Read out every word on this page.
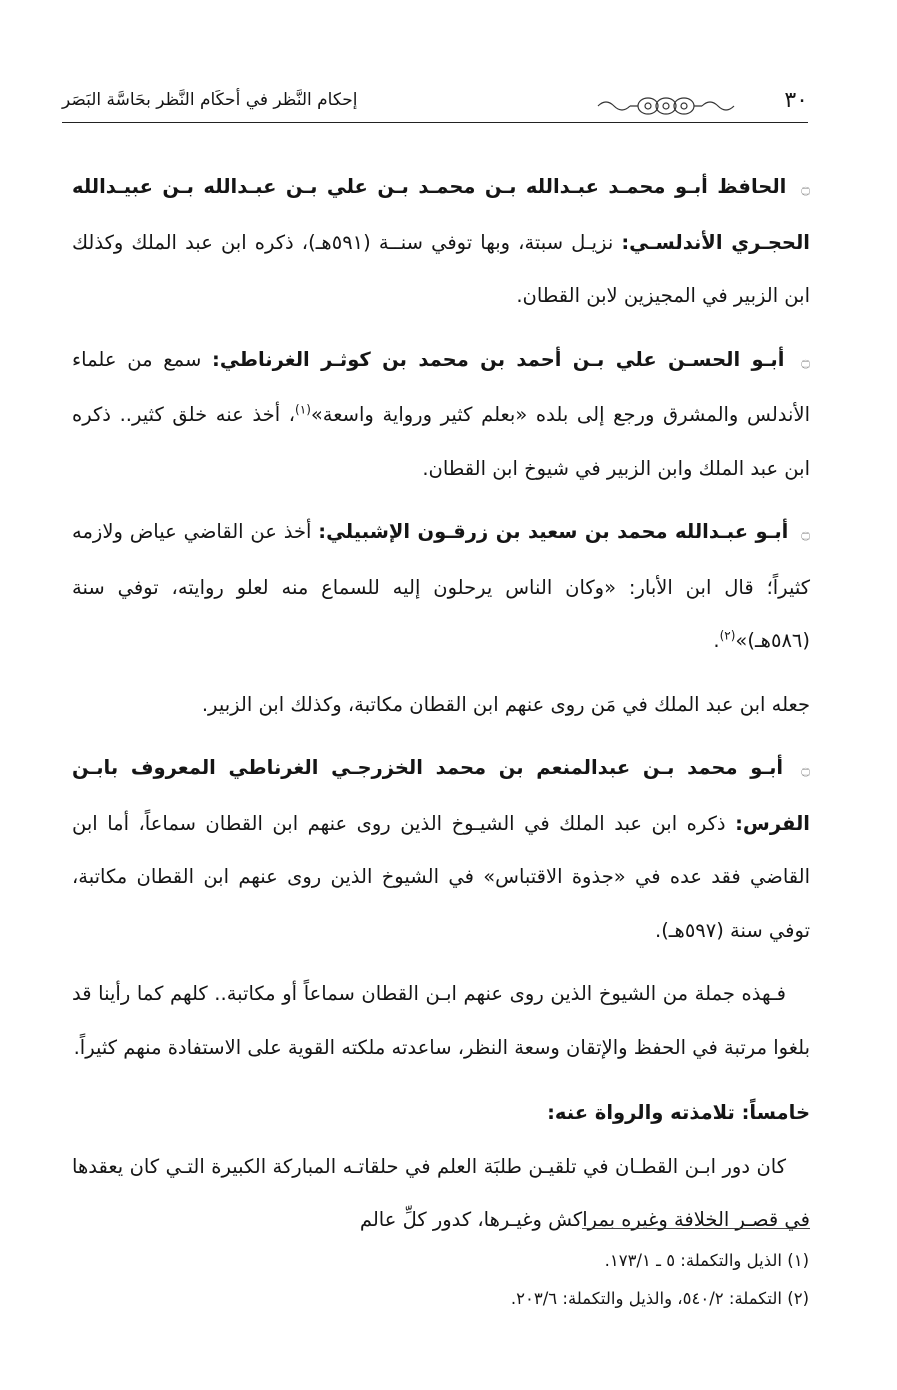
٣٠
إحكام النَّظر في أحكَام النَّظر بحَاسَّة البَصَر

۝ الحافظ أبـو محمـد عبـدالله بـن محمـد بـن علي بـن عبـدالله بـن عبيـدالله الحجـري الأندلسـي: نزيـل سبتة، وبها توفي سنــة (٥٩١هـ)، ذكره ابن عبد الملك وكذلك ابن الزبير في المجيزين لابن القطان.

۝ أبـو الحسـن علي بـن أحمد بن محمد بن كوثـر الغرناطي: سمع من علماء الأندلس والمشرق ورجع إلى بلده «بعلم كثير ورواية واسعة»$^{(١)}$، أخذ عنه خلق كثير.. ذكره ابن عبد الملك وابن الزبير في شيوخ ابن القطان.

۝ أبـو عبـدالله محمد بن سعيد بن زرقـون الإشبيلي: أخذ عن القاضي عياض ولازمه كثيراً؛ قال ابن الأبار: «وكان الناس يرحلون إليه للسماع منه لعلو روايته، توفي سنة (٥٨٦هـ)»$^{(٢)}$.

جعله ابن عبد الملك في مَن روى عنهم ابن القطان مكاتبة، وكذلك ابن الزبير.

۝ أبـو محمد بـن عبدالمنعم بن محمد الخزرجـي الغرناطي المعروف بابـن الفرس: ذكره ابن عبد الملك في الشيـوخ الذين روى عنهم ابن القطان سماعاً، أما ابن القاضي فقد عده في «جذوة الاقتباس» في الشيوخ الذين روى عنهم ابن القطان مكاتبة، توفي سنة (٥٩٧هـ).

فـهذه جملة من الشيوخ الذين روى عنهم ابـن القطان سماعاً أو مكاتبة.. كلهم كما رأينا قد بلغوا مرتبة في الحفظ والإتقان وسعة النظر، ساعدته ملكته القوية على الاستفادة منهم كثيراً.

خامساً: تلامذته والرواة عنه:

كان دور ابـن القطـان في تلقيـن طلبَة العلم في حلقاتـه المباركة الكبيرة التـي كان يعقدها في قصـر الخلافة وغيره بمراكش وغيـرها، كدور كلِّ عالم

(١) الذيل والتكملة: ٥ ـ ١٧٣/١.

(٢) التكملة: ٥٤٠/٢، والذيل والتكملة: ٢٠٣/٦.
